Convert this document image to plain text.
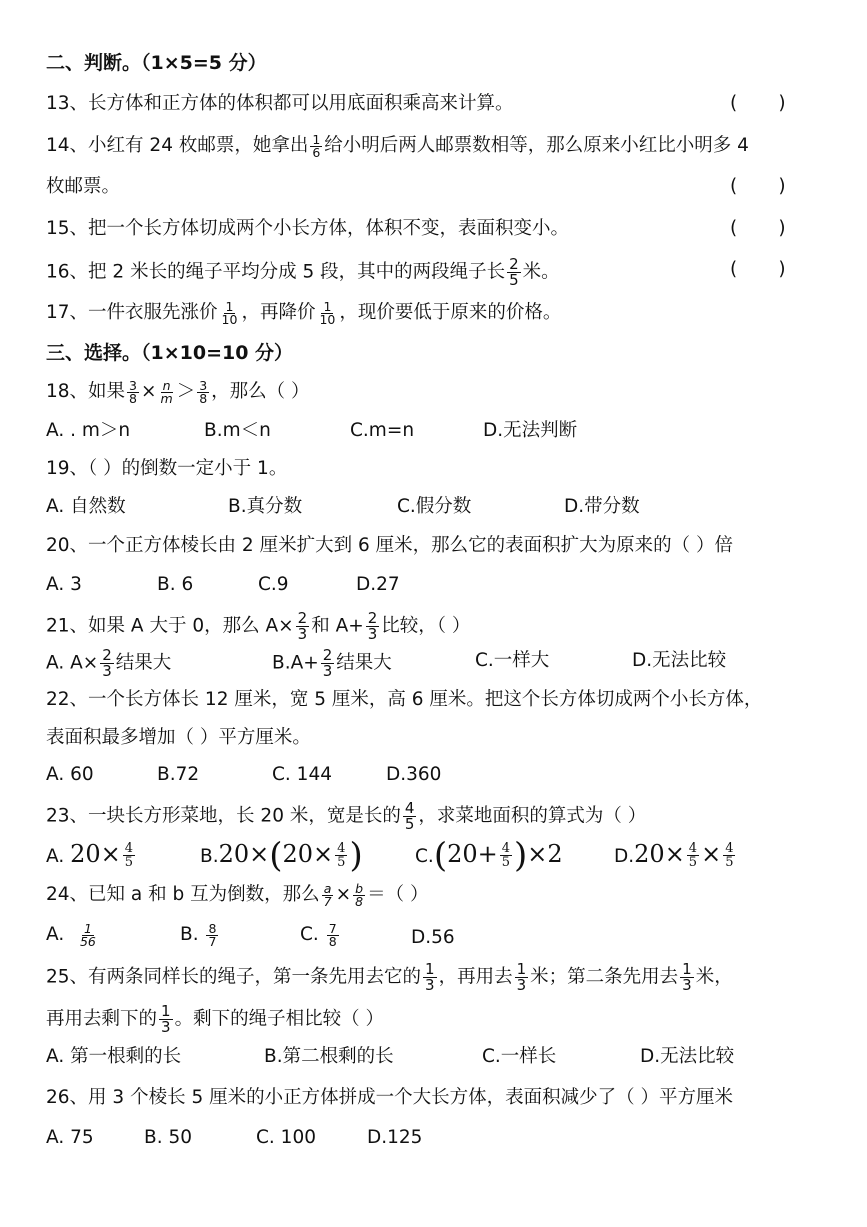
二、判断。（1×5=5 分）
13、长方体和正方体的体积都可以用底面积乘高来计算。	(       )
14、小红有 24 枚邮票，她拿出 $\frac{1}{6}$ 给小明后两人邮票数相等，那么原来小红比小明多 4
枚邮票。	(       )
15、把一个长方体切成两个小长方体，体积不变，表面积变小。	(       )
16、把 2 米长的绳子平均分成 5 段，其中的两段绳子长 $\frac{2}{5}$ 米。	(       )
17、一件衣服先涨价 $\frac{1}{10}$ ，再降价 $\frac{1}{10}$ ，现价要低于原来的价格。
三、选择。（1×10=10 分）
18、如果 $\frac{3}{8} \times \frac{n}{m} > \frac{3}{8}$ ，那么（ ）
A. . m＞n	B.m＜n	C.m=n	D.无法判断
19、（ ）的倒数一定小于 1。
A. 自然数	B.真分数	C.假分数	D.带分数
20、一个正方体棱长由 2 厘米扩大到 6 厘米，那么它的表面积扩大为原来的（ ）倍
A. 3	B. 6	C.9	D.27
21、如果 A 大于 0，那么 $A\times \frac{2}{3}$ 和 $A+ \frac{2}{3}$ 比较，（ ）
A. $A\times \frac{2}{3}$ 结果大	$B.A+ \frac{2}{3}$ 结果大	C.一样大	D.无法比较
22、一个长方体长 12 厘米，宽 5 厘米，高 6 厘米。把这个长方体切成两个小长方体，
表面积最多增加（ ）平方厘米。
A. 60	B.72	C. 144	D.360
23、一块长方形菜地，长 20 米，宽是长的 $\frac{4}{5}$ ，求菜地面积的算式为（ ）
A. $20\times \frac{4}{5}$	$B.20\times(20\times \frac{4}{5}$ )	$C.(20+ \frac{4}{5} )\times 2$	$D.20\times \frac{4}{5} \times \frac{4}{5}$
24、已知 a 和 b 互为倒数，那么 $\frac{a}{7} \times \frac{b}{8}$ ＝（ ）
A. $\frac{1}{56}$	B. $\frac{8}{7}$	C. $\frac{7}{8}$	D.56
25、有两条同样长的绳子，第一条先用去它的 $\frac{1}{3}$ ，再用去 $\frac{1}{3}$ 米；第二条先用去 $\frac{1}{3}$ 米，
再用去剩下的 $\frac{1}{3}$ 。剩下的绳子相比较（ ）
A. 第一根剩的长	B.第二根剩的长	C.一样长	D.无法比较
26、用 3 个棱长 5 厘米的小正方体拼成一个大长方体，表面积减少了（ ）平方厘米
A. 75	B. 50	C. 100	D.125
